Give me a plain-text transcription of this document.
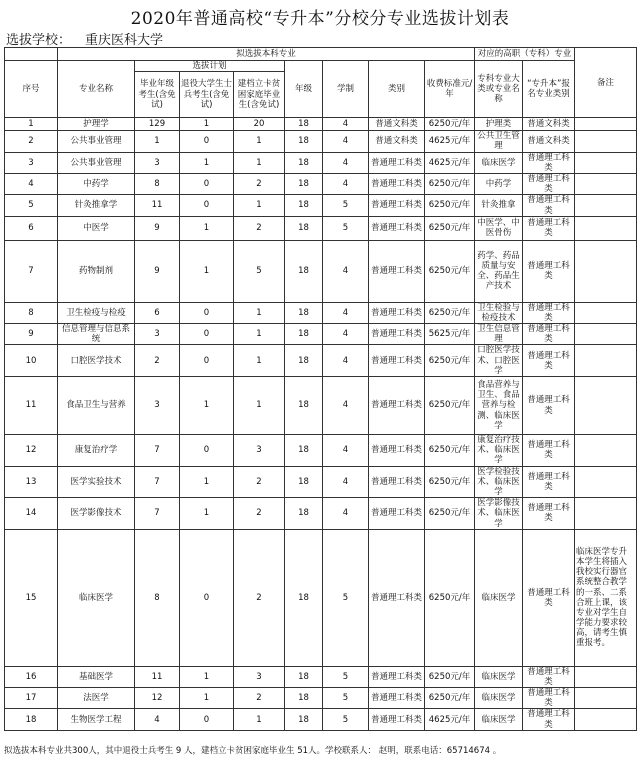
2020年普通高校“专升本”分校分专业选拔计划表
选拔学校： 重庆医科大学
	拟选拔本科专业								对应的高职（专科）专业		备注
序号	专业名称	选拔计划			年级	学制	类别	收费标准元/年	专科专业大类或专业名称	“专升本”报名专业类别	
		毕业年级考生(含免试)	退役大学生士兵考生(含免试)	建档立卡贫困家庭毕业生(含免试)							
1	护理学	129	1	20	18	4	普通文科类	6250元/年	护理类	普通文科类	
2	公共事业管理	1	0	1	18	4	普通文科类	4625元/年	公共卫生管理	普通文科类	
3	公共事业管理	3	1	1	18	4	普通理工科类	4625元/年	临床医学	普通理工科类	
4	中药学	8	0	2	18	4	普通理工科类	6250元/年	中药学	普通理工科类	
5	针灸推拿学	11	0	1	18	5	普通理工科类	6250元/年	针灸推拿	普通理工科类	
6	中医学	9	1	2	18	5	普通理工科类	6250元/年	中医学、中医骨伤	普通理工科类	
7	药物制剂	9	1	5	18	4	普通理工科类	6250元/年	药学、药品质量与安全、药品生产技术	普通理工科类	
8	卫生检疫与检疫	6	0	1	18	4	普通理工科类	6250元/年	卫生检验与检疫技术	普通理工科类	
9	信息管理与信息系统	3	0	1	18	4	普通理工科类	5625元/年	卫生信息管理	普通理工科类	
10	口腔医学技术	2	0	1	18	4	普通理工科类	6250元/年	口腔医学技术、口腔医学	普通理工科类	
11	食品卫生与营养	3	1	1	18	4	普通理工科类	6250元/年	食品营养与卫生、食品营养与检测、临床医学	普通理工科类	
12	康复治疗学	7	0	3	18	4	普通理工科类	6250元/年	康复治疗技术、临床医学	普通理工科类	
13	医学实验技术	7	1	2	18	4	普通理工科类	6250元/年	医学检验技术、临床医学	普通理工科类	
14	医学影像技术	7	1	2	18	4	普通理工科类	6250元/年	医学影像技术、临床医学	普通理工科类	
15	临床医学	8	0	2	18	5	普通理工科类	6250元/年	临床医学	普通理工科类	临床医学专升本学生将插入我校实行器官系统整合教学的一系、二系合班上课，该专业对学生自学能力要求较高，请考生慎重报考。
16	基础医学	11	1	3	18	5	普通理工科类	6250元/年	临床医学	普通理工科类	
17	法医学	12	1	2	18	5	普通理工科类	6250元/年	临床医学	普通理工科类	
18	生物医学工程	4	0	1	18	5	普通理工科类	4625元/年	临床医学	普通理工科类	
拟选拔本科专业共300人，其中退役士兵考生 9 人，建档立卡贫困家庭毕业生 51人。学校联系人： 赵明，联系电话：65714674 。
